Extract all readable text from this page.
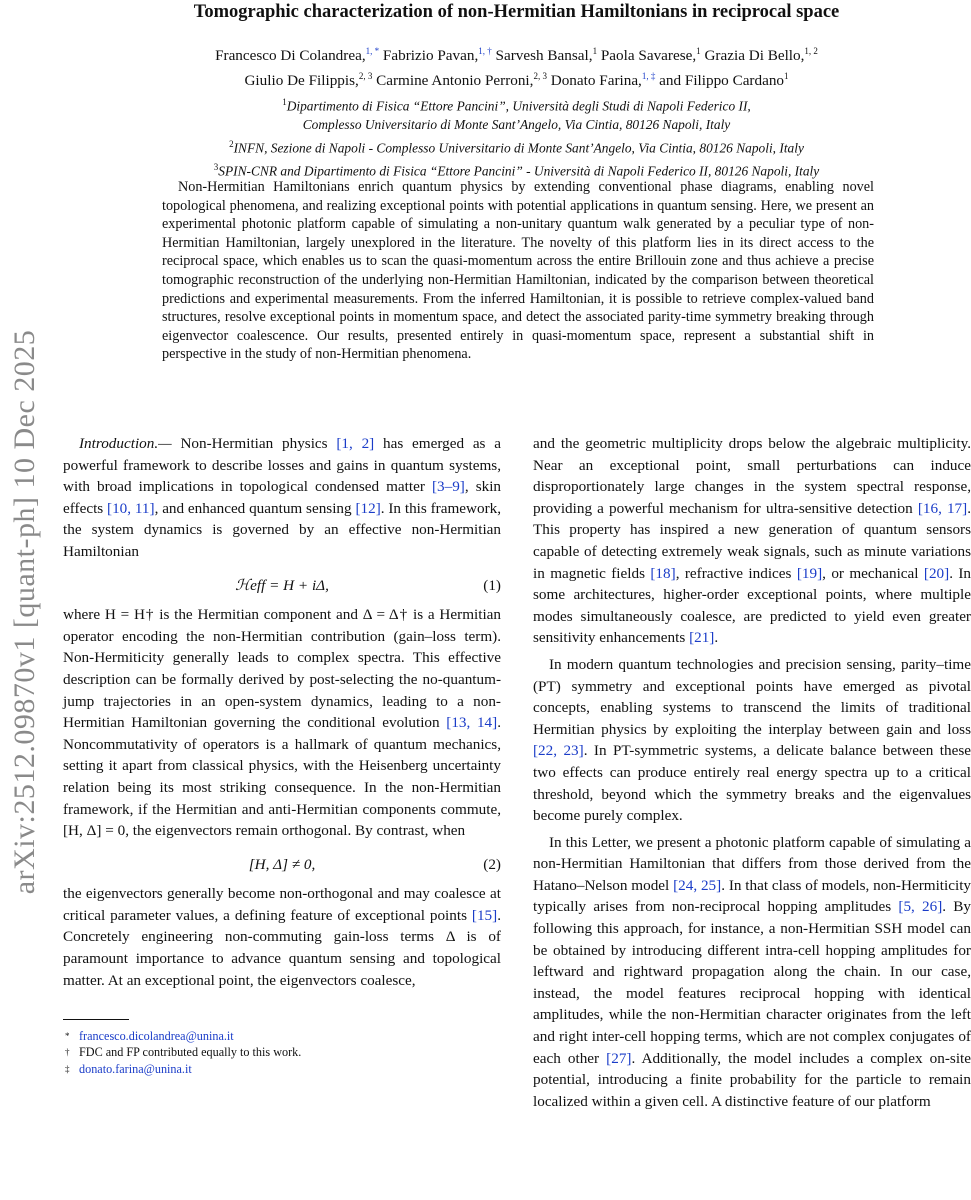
arXiv:2512.09870v1 [quant-ph] 10 Dec 2025
Tomographic characterization of non-Hermitian Hamiltonians in reciprocal space
Francesco Di Colandrea,$^{1, *}$ Fabrizio Pavan,$^{1, \dagger}$ Sarvesh Bansal,$^1$ Paola Savarese,$^1$ Grazia Di Bello,$^{1, 2}$
Giulio De Filippis,$^{2, 3}$ Carmine Antonio Perroni,$^{2, 3}$ Donato Farina,$^{1, \ddagger}$ and Filippo Cardano$^1$
$^1$Dipartimento di Fisica “Ettore Pancini”, Università degli Studi di Napoli Federico II,
Complesso Universitario di Monte Sant’Angelo, Via Cintia, 80126 Napoli, Italy
$^2$INFN, Sezione di Napoli - Complesso Universitario di Monte Sant’Angelo, Via Cintia, 80126 Napoli, Italy
$^3$SPIN-CNR and Dipartimento di Fisica “Ettore Pancini” - Università di Napoli Federico II, 80126 Napoli, Italy
Non-Hermitian Hamiltonians enrich quantum physics by extending conventional phase diagrams, enabling novel topological phenomena, and realizing exceptional points with potential applications in quantum sensing. Here, we present an experimental photonic platform capable of simulating a non-unitary quantum walk generated by a peculiar type of non-Hermitian Hamiltonian, largely unexplored in the literature. The novelty of this platform lies in its direct access to the reciprocal space, which enables us to scan the quasi-momentum across the entire Brillouin zone and thus achieve a precise tomographic reconstruction of the underlying non-Hermitian Hamiltonian, indicated by the comparison between theoretical predictions and experimental measurements. From the inferred Hamiltonian, it is possible to retrieve complex-valued band structures, resolve exceptional points in momentum space, and detect the associated parity-time symmetry breaking through eigenvector coalescence. Our results, presented entirely in quasi-momentum space, represent a substantial shift in perspective in the study of non-Hermitian phenomena.

Introduction.— Non-Hermitian physics [1, 2] has emerged as a powerful framework to describe losses and gains in quantum systems, with broad implications in topological condensed matter [3–9], skin effects [10, 11], and enhanced quantum sensing [12]. In this framework, the system dynamics is governed by an effective non-Hermitian Hamiltonian

ℋeff = H + iΔ,	(1)

where H = H† is the Hermitian component and Δ = Δ† is a Hermitian operator encoding the non-Hermitian contribution (gain–loss term). Non-Hermiticity generally leads to complex spectra. This effective description can be formally derived by post-selecting the no-quantum-jump trajectories in an open-system dynamics, leading to a non-Hermitian Hamiltonian governing the conditional evolution [13, 14]. Noncommutativity of operators is a hallmark of quantum mechanics, setting it apart from classical physics, with the Heisenberg uncertainty relation being its most striking consequence. In the non-Hermitian framework, if the Hermitian and anti-Hermitian components commute, [H, Δ] = 0, the eigenvectors remain orthogonal. By contrast, when

[H, Δ] ≠ 0,	(2)

the eigenvectors generally become non-orthogonal and may coalesce at critical parameter values, a defining feature of exceptional points [15]. Concretely engineering non-commuting gain-loss terms Δ is of paramount importance to advance quantum sensing and topological matter. At an exceptional point, the eigenvectors coalesce,

* francesco.dicolandrea@unina.it
† FDC and FP contributed equally to this work.
‡ donato.farina@unina.it

and the geometric multiplicity drops below the algebraic multiplicity. Near an exceptional point, small perturbations can induce disproportionately large changes in the system spectral response, providing a powerful mechanism for ultra-sensitive detection [16, 17]. This property has inspired a new generation of quantum sensors capable of detecting extremely weak signals, such as minute variations in magnetic fields [18], refractive indices [19], or mechanical [20]. In some architectures, higher-order exceptional points, where multiple modes simultaneously coalesce, are predicted to yield even greater sensitivity enhancements [21].

In modern quantum technologies and precision sensing, parity–time (PT) symmetry and exceptional points have emerged as pivotal concepts, enabling systems to transcend the limits of traditional Hermitian physics by exploiting the interplay between gain and loss [22, 23]. In PT-symmetric systems, a delicate balance between these two effects can produce entirely real energy spectra up to a critical threshold, beyond which the symmetry breaks and the eigenvalues become purely complex.

In this Letter, we present a photonic platform capable of simulating a non-Hermitian Hamiltonian that differs from those derived from the Hatano–Nelson model [24, 25]. In that class of models, non-Hermiticity typically arises from non-reciprocal hopping amplitudes [5, 26]. By following this approach, for instance, a non-Hermitian SSH model can be obtained by introducing different intra-cell hopping amplitudes for leftward and rightward propagation along the chain. In our case, instead, the model features reciprocal hopping with identical amplitudes, while the non-Hermitian character originates from the left and right inter-cell hopping terms, which are not complex conjugates of each other [27]. Additionally, the model includes a complex on-site potential, introducing a finite probability for the particle to remain localized within a given cell. A distinctive feature of our platform
